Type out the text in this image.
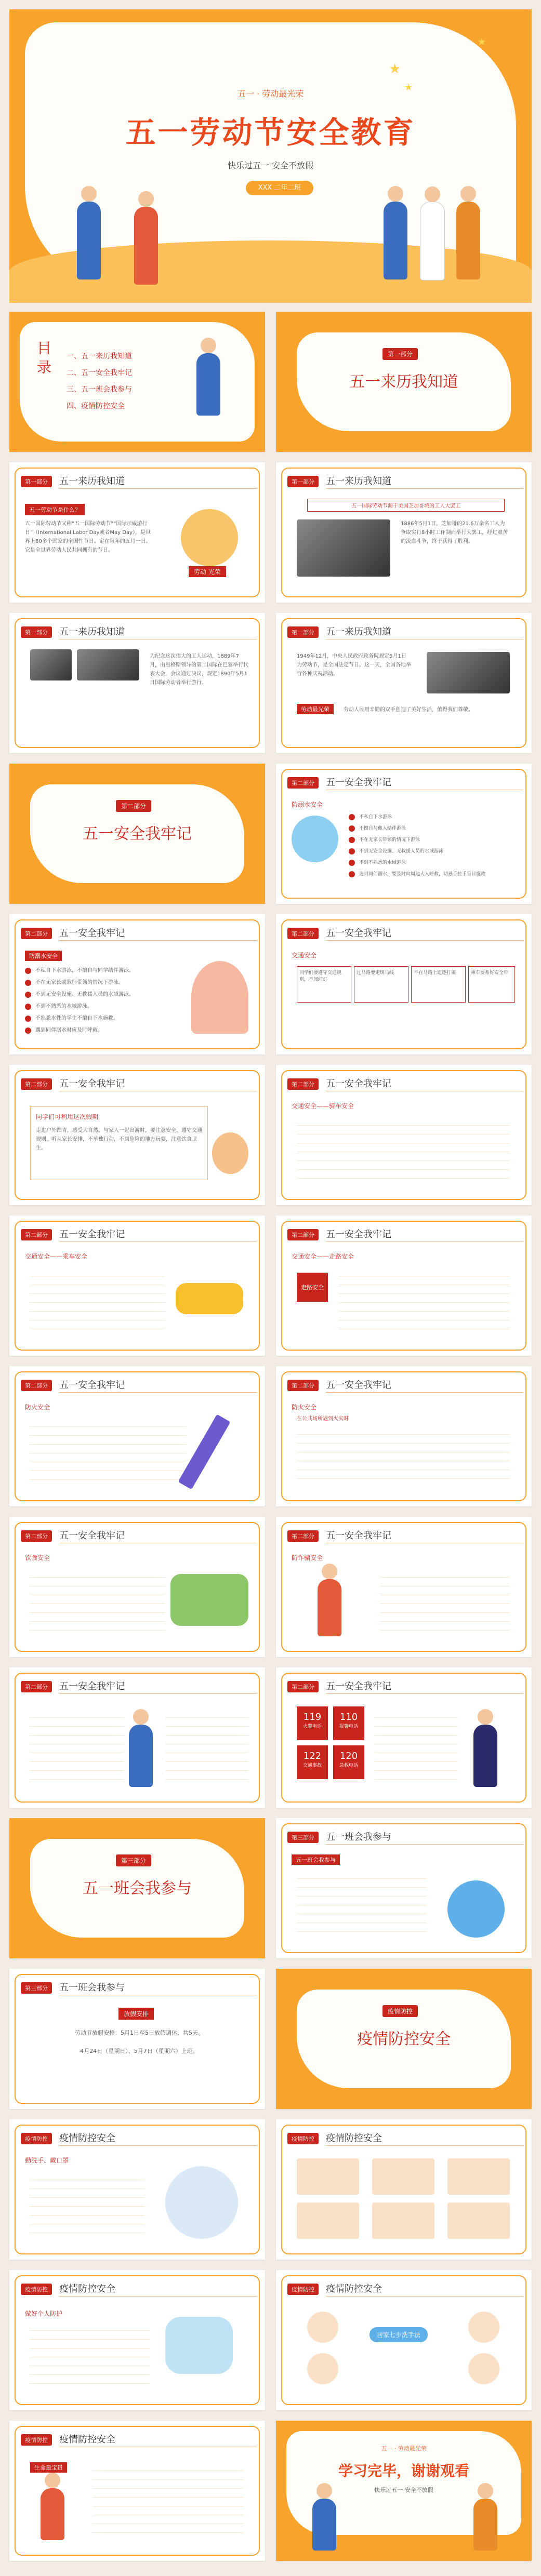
★
★
★
五一 · 劳动最光荣
五一劳动节安全教育
快乐过五一 安全不放假
XXX 二年二班
目 录 一、五一来历我知道
二、五一安全我牢记
三、五一班会我参与
四、疫情防控安全
第一部分
五一来历我知道
第一部分	五一来历我知道
五一劳动节是什么？
五一国际劳动节又称“五一国际劳动节”“国际示威游行日”（International Labor Day或者May Day），是世界上80多个国家的全国性节日。定在每年的五月一日。它是全世界劳动人民共同拥有的节日。
劳动 光荣
第一部分	五一来历我知道
五一国际劳动节源于美国芝加哥城的工人大罢工
1886年5月1日，芝加哥的21.6万余名工人为争取实行8小时工作制而举行大罢工，经过艰苦的流血斗争，终于获得了胜利。
第一部分	五一来历我知道
为纪念这次伟大的工人运动，1889年7月，由恩格斯领导的第二国际在巴黎举行代表大会，会议通过决议，规定1890年5月1日国际劳动者举行游行。
第一部分	五一来历我知道
1949年12月，中央人民政府政务院规定5月1日为劳动节，是全国法定节日。这一天，全国各地举行各种庆祝活动。
劳动最光荣	劳动人民用辛勤的双手创造了美好生活，值得我们尊敬。
第二部分
五一安全我牢记
第二部分	五一安全我牢记
防溺水安全
不私自下水游泳
不擅自与他人结伴游泳
不在无家长带领的情况下游泳
不到无安全设施、无救援人员的水域游泳
不到不熟悉的水域游泳
遇到同伴溺水，要及时向周边大人呼救，切忌手拉手盲目施救
第二部分	五一安全我牢记
防溺水安全
不私自下水游泳，不擅自与同学结伴游泳。
不在无家长或教师带领的情况下游泳。
不到无安全设施、无救援人员的水域游泳。
不到不熟悉的水域游泳。
不熟悉水性的学生不擅自下水施救。
遇到同伴溺水时应及时呼救。
第二部分	五一安全我牢记
交通安全
同学们要遵守交通规则，不闯红灯
过马路要走斑马线	不在马路上追逐打闹	乘车要系好安全带
第二部分	五一安全我牢记
同学们可利用这次假期
走进户外踏青，感受大自然。与家人一起出游时，要注意安全，遵守交通规则，听从家长安排，不单独行动，不到危险的地方玩耍，注意饮食卫生。
第二部分	五一安全我牢记
交通安全——骑车安全
第二部分	五一安全我牢记
交通安全——乘车安全
第二部分	五一安全我牢记
交通安全——走路安全
走路安全
第二部分	五一安全我牢记
防火安全
第二部分	五一安全我牢记
防火安全
在公共场所遇到火灾时
第二部分	五一安全我牢记
饮食安全
第二部分	五一安全我牢记
防诈骗安全
第二部分	五一安全我牢记	第二部分	五一安全我牢记
119
火警电话
110
报警电话
122
交通事故
120
急救电话
第三部分
五一班会我参与
第三部分	五一班会我参与
五一班会我参与
第三部分	五一班会我参与
放假安排
劳动节放假安排：5月1日至5日放假调休，共5天。
4月24日（星期日）、5月7日（星期六）上班。
疫情防控
疫情防控安全
疫情防控	疫情防控安全
勤洗手、戴口罩
疫情防控	疫情防控安全
疫情防控	疫情防控安全
做好个人防护
疫情防控	疫情防控安全
居家七步洗手法
疫情防控	疫情防控安全
生命最宝贵
五一 · 劳动最光荣
学习完毕，谢谢观看
快乐过五一 安全不放假
